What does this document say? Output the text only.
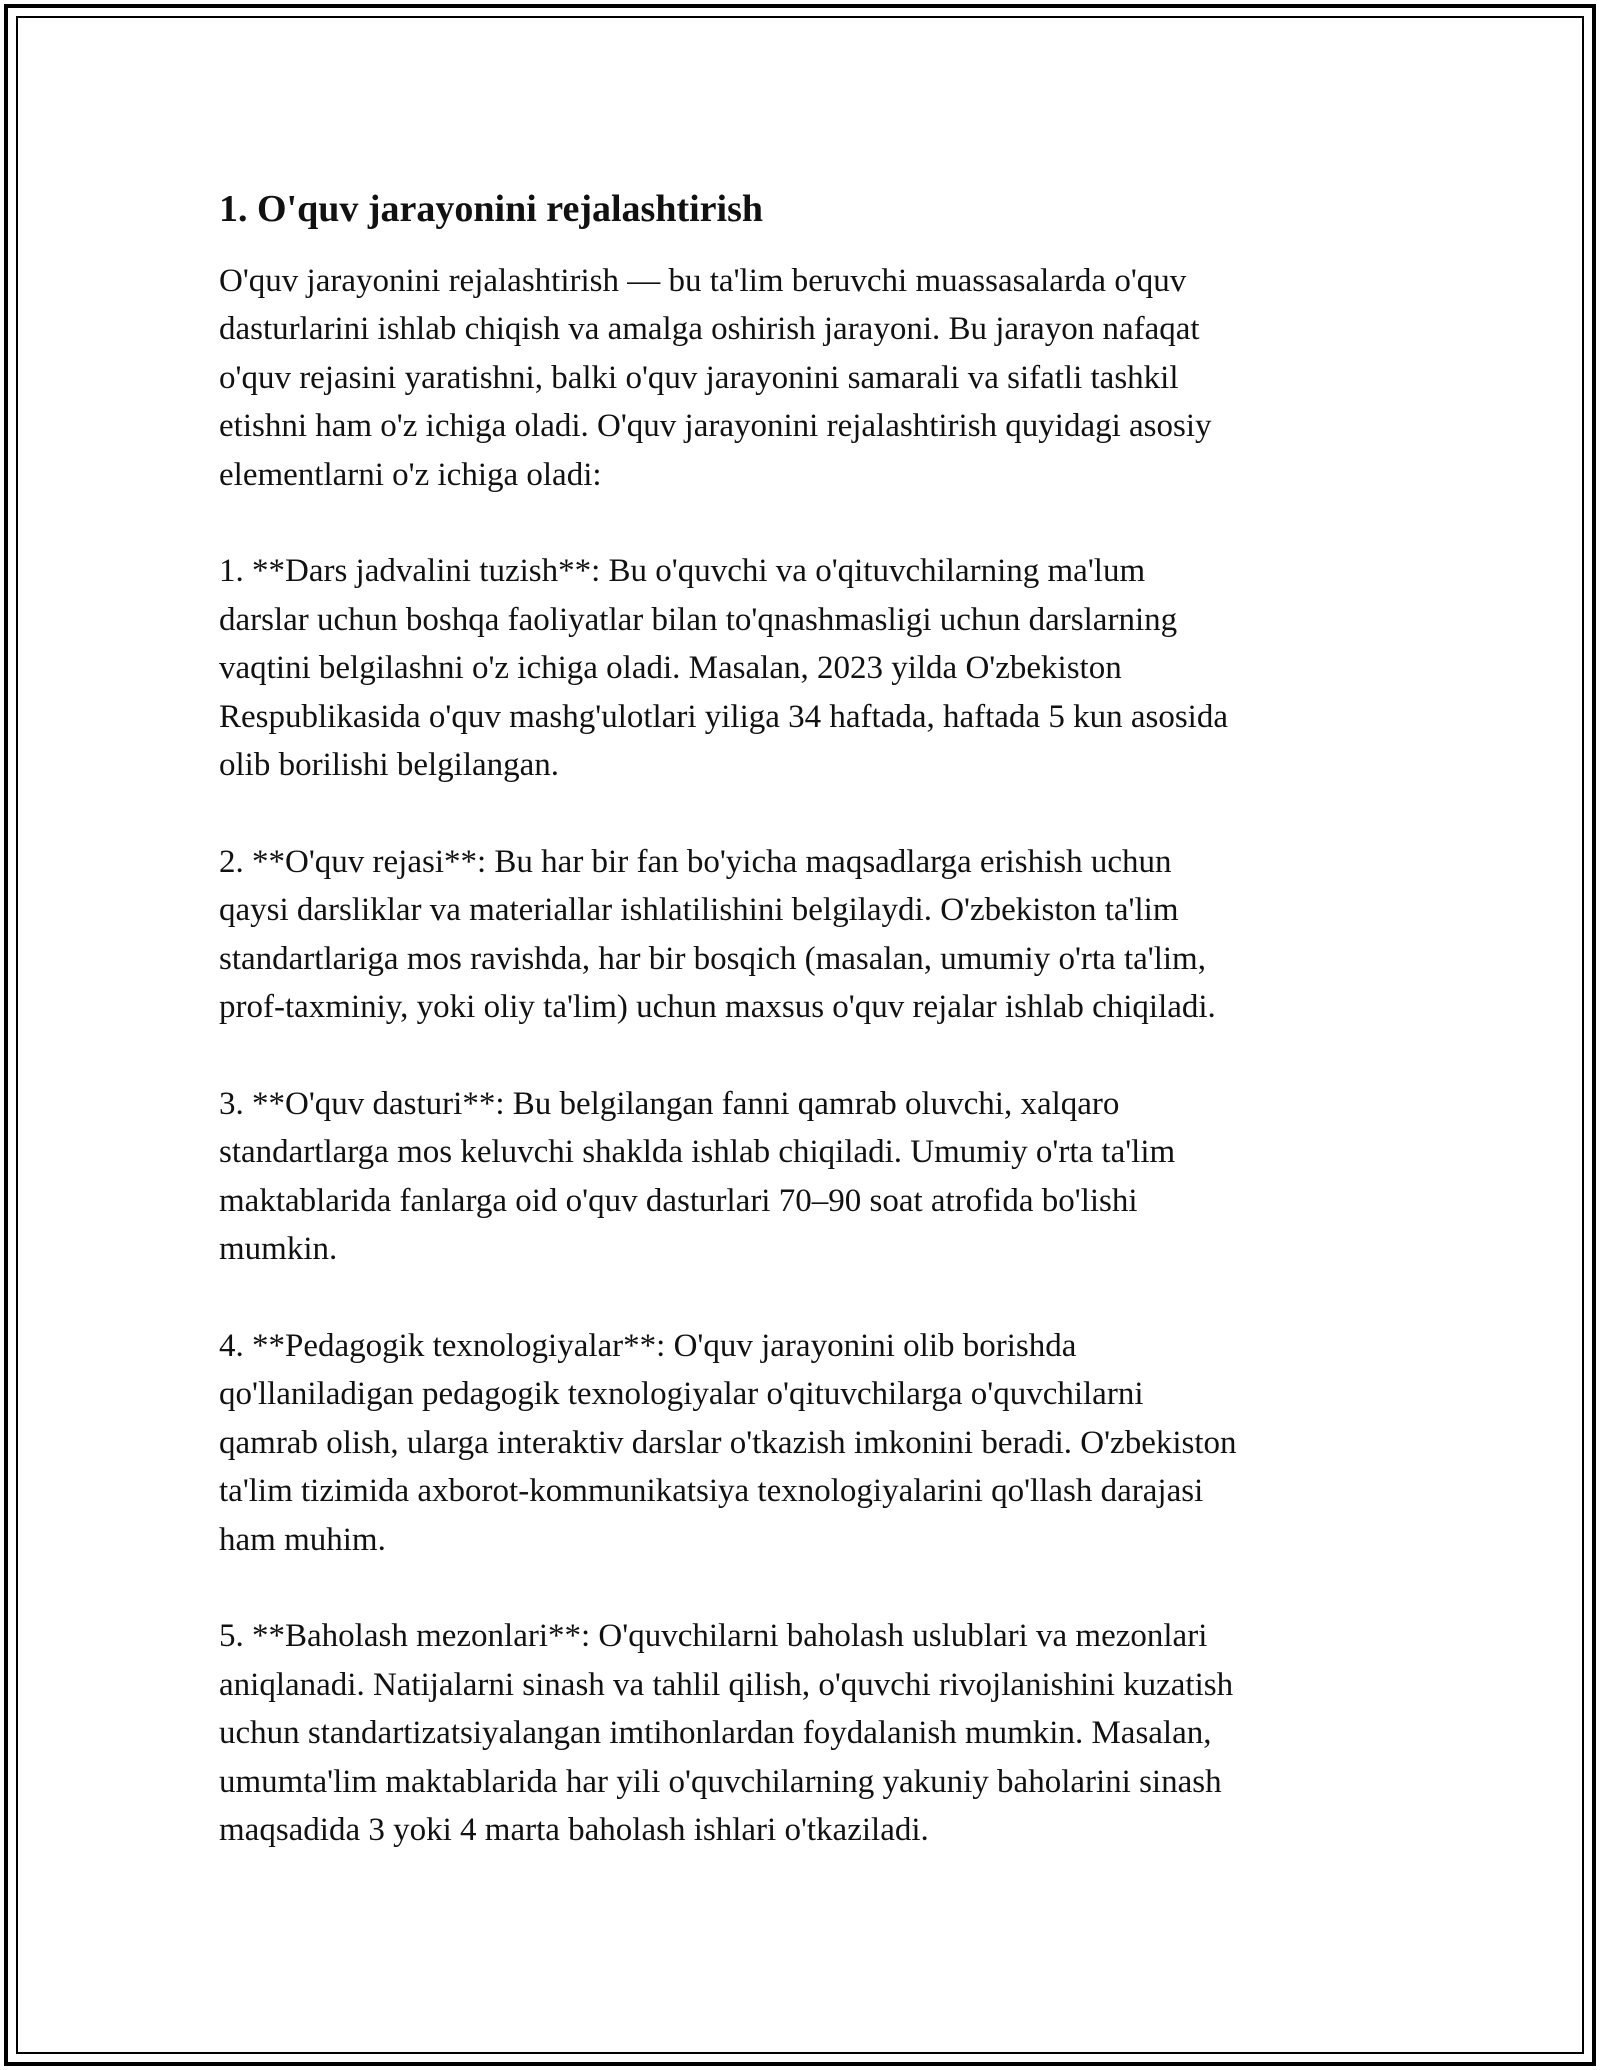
1. O'quv jarayonini rejalashtirish

O'quv jarayonini rejalashtirish — bu ta'lim beruvchi muassasalarda o'quv
dasturlarini ishlab chiqish va amalga oshirish jarayoni. Bu jarayon nafaqat
o'quv rejasini yaratishni, balki o'quv jarayonini samarali va sifatli tashkil
etishni ham o'z ichiga oladi. O'quv jarayonini rejalashtirish quyidagi asosiy
elementlarni o'z ichiga oladi:

1. **Dars jadvalini tuzish**: Bu o'quvchi va o'qituvchilarning ma'lum
darslar uchun boshqa faoliyatlar bilan to'qnashmasligi uchun darslarning
vaqtini belgilashni o'z ichiga oladi. Masalan, 2023 yilda O'zbekiston
Respublikasida o'quv mashg'ulotlari yiliga 34 haftada, haftada 5 kun asosida
olib borilishi belgilangan.

2. **O'quv rejasi**: Bu har bir fan bo'yicha maqsadlarga erishish uchun
qaysi darsliklar va materiallar ishlatilishini belgilaydi. O'zbekiston ta'lim
standartlariga mos ravishda, har bir bosqich (masalan, umumiy o'rta ta'lim,
prof-taxminiy, yoki oliy ta'lim) uchun maxsus o'quv rejalar ishlab chiqiladi.

3. **O'quv dasturi**: Bu belgilangan fanni qamrab oluvchi, xalqaro
standartlarga mos keluvchi shaklda ishlab chiqiladi. Umumiy o'rta ta'lim
maktablarida fanlarga oid o'quv dasturlari 70–90 soat atrofida bo'lishi
mumkin.

4. **Pedagogik texnologiyalar**: O'quv jarayonini olib borishda
qo'llaniladigan pedagogik texnologiyalar o'qituvchilarga o'quvchilarni
qamrab olish, ularga interaktiv darslar o'tkazish imkonini beradi. O'zbekiston
ta'lim tizimida axborot-kommunikatsiya texnologiyalarini qo'llash darajasi
ham muhim.

5. **Baholash mezonlari**: O'quvchilarni baholash uslublari va mezonlari
aniqlanadi. Natijalarni sinash va tahlil qilish, o'quvchi rivojlanishini kuzatish
uchun standartizatsiyalangan imtihonlardan foydalanish mumkin. Masalan,
umumta'lim maktablarida har yili o'quvchilarning yakuniy baholarini sinash
maqsadida 3 yoki 4 marta baholash ishlari o'tkaziladi.
